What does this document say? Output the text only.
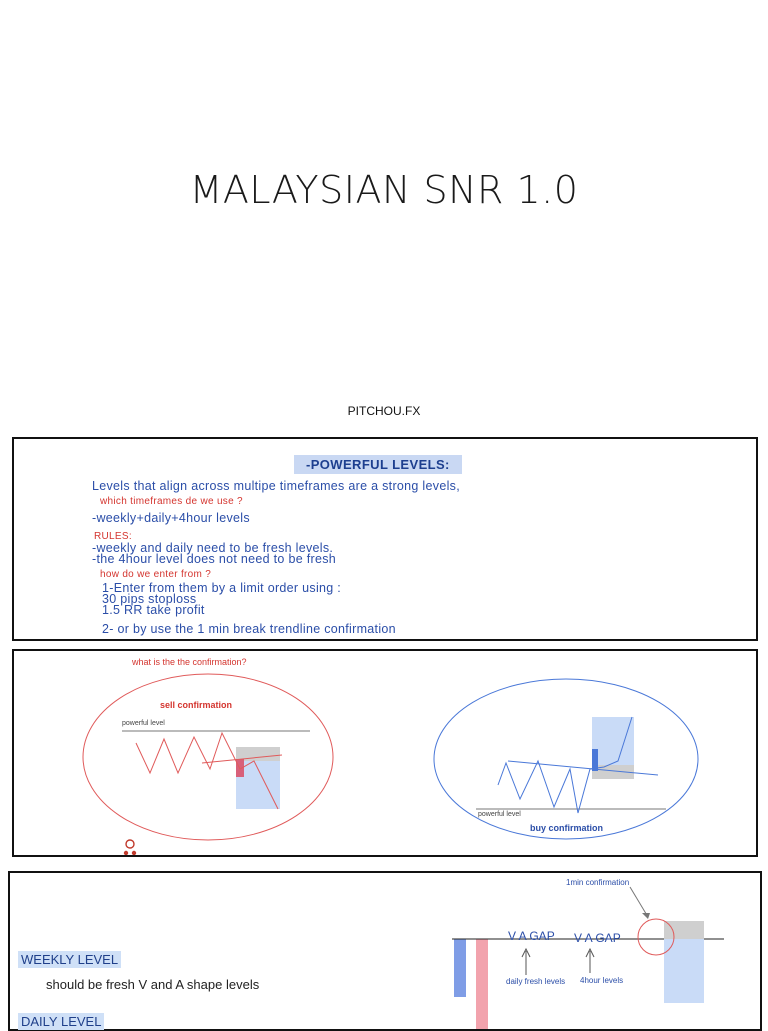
MALAYSIAN SNR 1.0
PITCHOU.FX
-POWERFUL LEVELS:
Levels that align across multipe timeframes are a strong levels,
which timeframes de we use ?
-weekly+daily+4hour levels
RULES:
-weekly and daily need to be fresh levels.
-the 4hour level does not need to be fresh
how do we enter from ?
1-Enter from them by a limit order using :
30 pips stoploss
1.5 RR take profit
2- or by use the 1 min break trendline confirmation
what is the the confirmation?
sell confirmation
powerful level
powerful level
buy confirmation
WEEKLY LEVEL
should be fresh V and A shape levels
DAILY LEVEL
V A GAP V A GAP
1min confirmation
daily fresh levels 4hour levels
